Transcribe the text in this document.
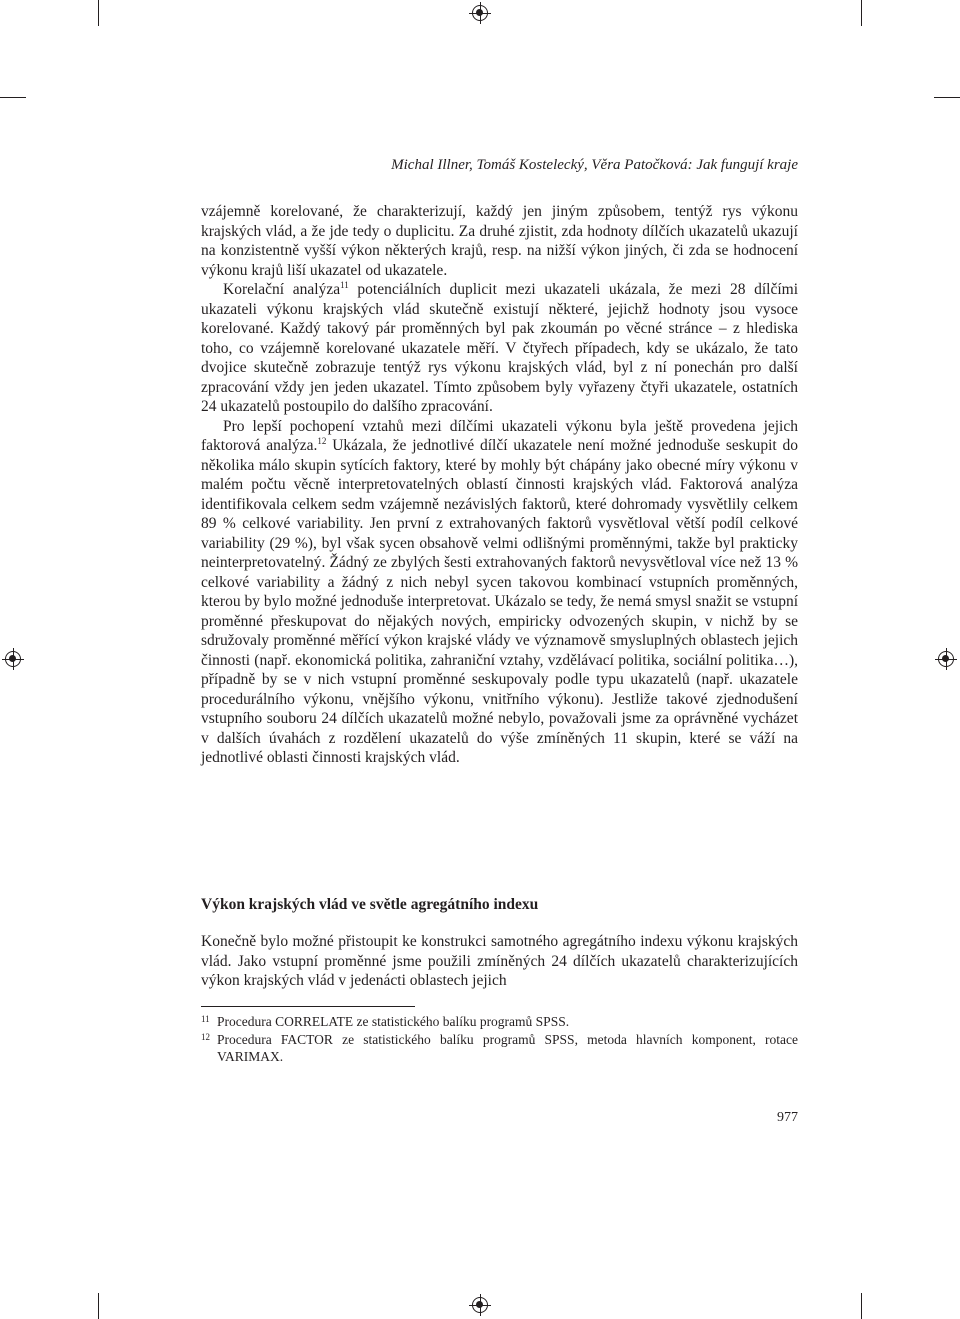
Michal Illner, Tomáš Kostelecký, Věra Patočková: Jak fungují kraje

vzájemně korelované, že charakterizují, každý jen jiným způsobem, tentýž rys výkonu krajských vlád, a že jde tedy o duplicitu. Za druhé zjistit, zda hodnoty dílčích ukazatelů ukazují na konzistentně vyšší výkon některých krajů, resp. na nižší výkon jiných, či zda se hodnocení výkonu krajů liší ukazatel od ukazatele.

Korelační analýza$^{11}$ potenciálních duplicit mezi ukazateli ukázala, že mezi 28 dílčími ukazateli výkonu krajských vlád skutečně existují některé, jejichž hodnoty jsou vysoce korelované. Každý takový pár proměnných byl pak zkoumán po věcné stránce – z hlediska toho, co vzájemně korelované ukazatele měří. V čtyřech případech, kdy se ukázalo, že tato dvojice skutečně zobrazuje tentýž rys výkonu krajských vlád, byl z ní ponechán pro další zpracování vždy jen jeden ukazatel. Tímto způsobem byly vyřazeny čtyři ukazatele, ostatních 24 ukazatelů postoupilo do dalšího zpracování.

Pro lepší pochopení vztahů mezi dílčími ukazateli výkonu byla ještě provedena jejich faktorová analýza.$^{12}$ Ukázala, že jednotlivé dílčí ukazatele není možné jednoduše seskupit do několika málo skupin sytících faktory, které by mohly být chápány jako obecné míry výkonu v malém počtu věcně interpretovatelných oblastí činnosti krajských vlád. Faktorová analýza identifikovala celkem sedm vzájemně nezávislých faktorů, které dohromady vysvětlily celkem 89 % celkové variability. Jen první z extrahovaných faktorů vysvětloval větší podíl celkové variability (29 %), byl však sycen obsahově velmi odlišnými proměnnými, takže byl prakticky neinterpretovatelný. Žádný ze zbylých šesti extrahovaných faktorů nevysvětloval více než 13 % celkové variability a žádný z nich nebyl sycen takovou kombinací vstupních proměnných, kterou by bylo možné jednoduše interpretovat. Ukázalo se tedy, že nemá smysl snažit se vstupní proměnné přeskupovat do nějakých nových, empiricky odvozených skupin, v nichž by se sdružovaly proměnné měřící výkon krajské vlády ve významově smysluplných oblastech jejich činnosti (např. ekonomická politika, zahraniční vztahy, vzdělávací politika, sociální politika…), případně by se v nich vstupní proměnné seskupovaly podle typu ukazatelů (např. ukazatele procedurálního výkonu, vnějšího výkonu, vnitřního výkonu). Jestliže takové zjednodušení vstupního souboru 24 dílčích ukazatelů možné nebylo, považovali jsme za oprávněné vycházet v dalších úvahách z rozdělení ukazatelů do výše zmíněných 11 skupin, které se váží na jednotlivé oblasti činnosti krajských vlád.

Výkon krajských vlád ve světle agregátního indexu

Konečně bylo možné přistoupit ke konstrukci samotného agregátního indexu výkonu krajských vlád. Jako vstupní proměnné jsme použili zmíněných 24 dílčích ukazatelů charakterizujících výkon krajských vlád v jedenácti oblastech jejich

11 Procedura CORRELATE ze statistického balíku programů SPSS.
12 Procedura FACTOR ze statistického balíku programů SPSS, metoda hlavních komponent, rotace VARIMAX.
977
